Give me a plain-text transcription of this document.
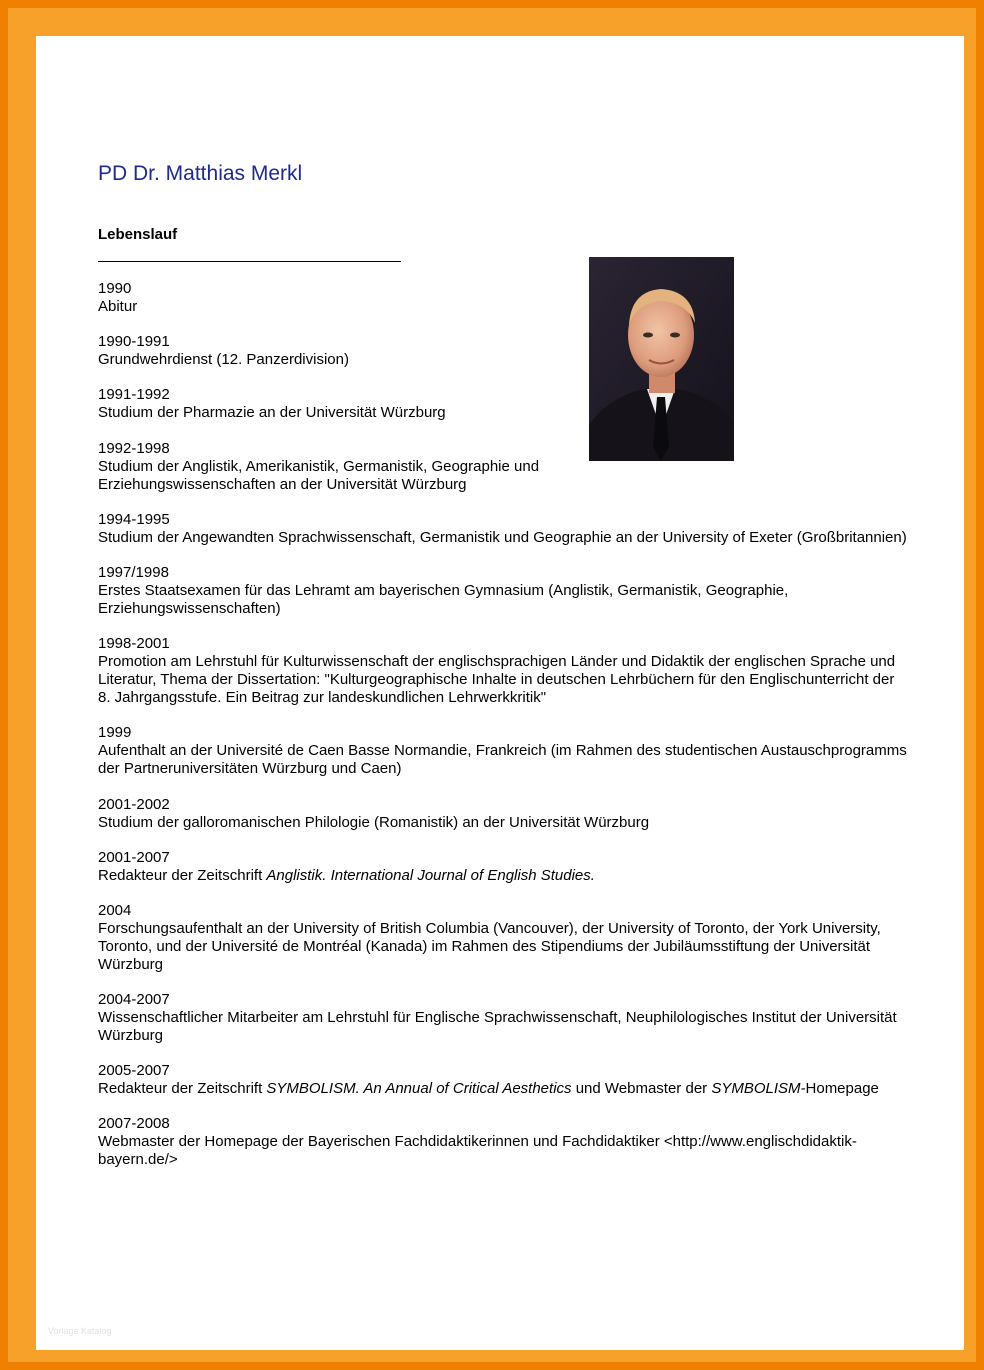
PD Dr. Matthias Merkl
Lebenslauf
1990
Abitur
1990-1991
Grundwehrdienst (12. Panzerdivision)
1991-1992
Studium der Pharmazie an der Universität Würzburg
1992-1998
Studium der Anglistik, Amerikanistik, Germanistik, Geographie und Erziehungswissenschaften an der Universität Würzburg
1994-1995
Studium der Angewandten Sprachwissenschaft, Germanistik und Geographie an der University of Exeter (Großbritannien)
1997/1998
Erstes Staatsexamen für das Lehramt am bayerischen Gymnasium (Anglistik, Germanistik, Geographie, Erziehungswissenschaften)
1998-2001
Promotion am Lehrstuhl für Kulturwissenschaft der englischsprachigen Länder und Didaktik der englischen Sprache und Literatur, Thema der Dissertation: "Kulturgeographische Inhalte in deutschen Lehrbüchern für den Englischunterricht der 8. Jahrgangsstufe. Ein Beitrag zur landeskundlichen Lehrwerkkritik"
1999
Aufenthalt an der Université de Caen Basse Normandie, Frankreich (im Rahmen des studentischen Austauschprogramms der Partneruniversitäten Würzburg und Caen)
2001-2002
Studium der galloromanischen Philologie (Romanistik) an der Universität Würzburg
2001-2007
Redakteur der Zeitschrift Anglistik. International Journal of English Studies.
2004
Forschungsaufenthalt an der University of British Columbia (Vancouver), der University of Toronto, der York University, Toronto, und der Université de Montréal (Kanada) im Rahmen des Stipendiums der Jubiläumsstiftung der Universität Würzburg
2004-2007
Wissenschaftlicher Mitarbeiter am Lehrstuhl für Englische Sprachwissenschaft, Neuphilologisches Institut der Universität Würzburg
2005-2007
Redakteur der Zeitschrift SYMBOLISM. An Annual of Critical Aesthetics und Webmaster der SYMBOLISM-Homepage
2007-2008
Webmaster der Homepage der Bayerischen Fachdidaktikerinnen und Fachdidaktiker <http://www.englischdidaktik-bayern.de/>
Vorlage Katalog
